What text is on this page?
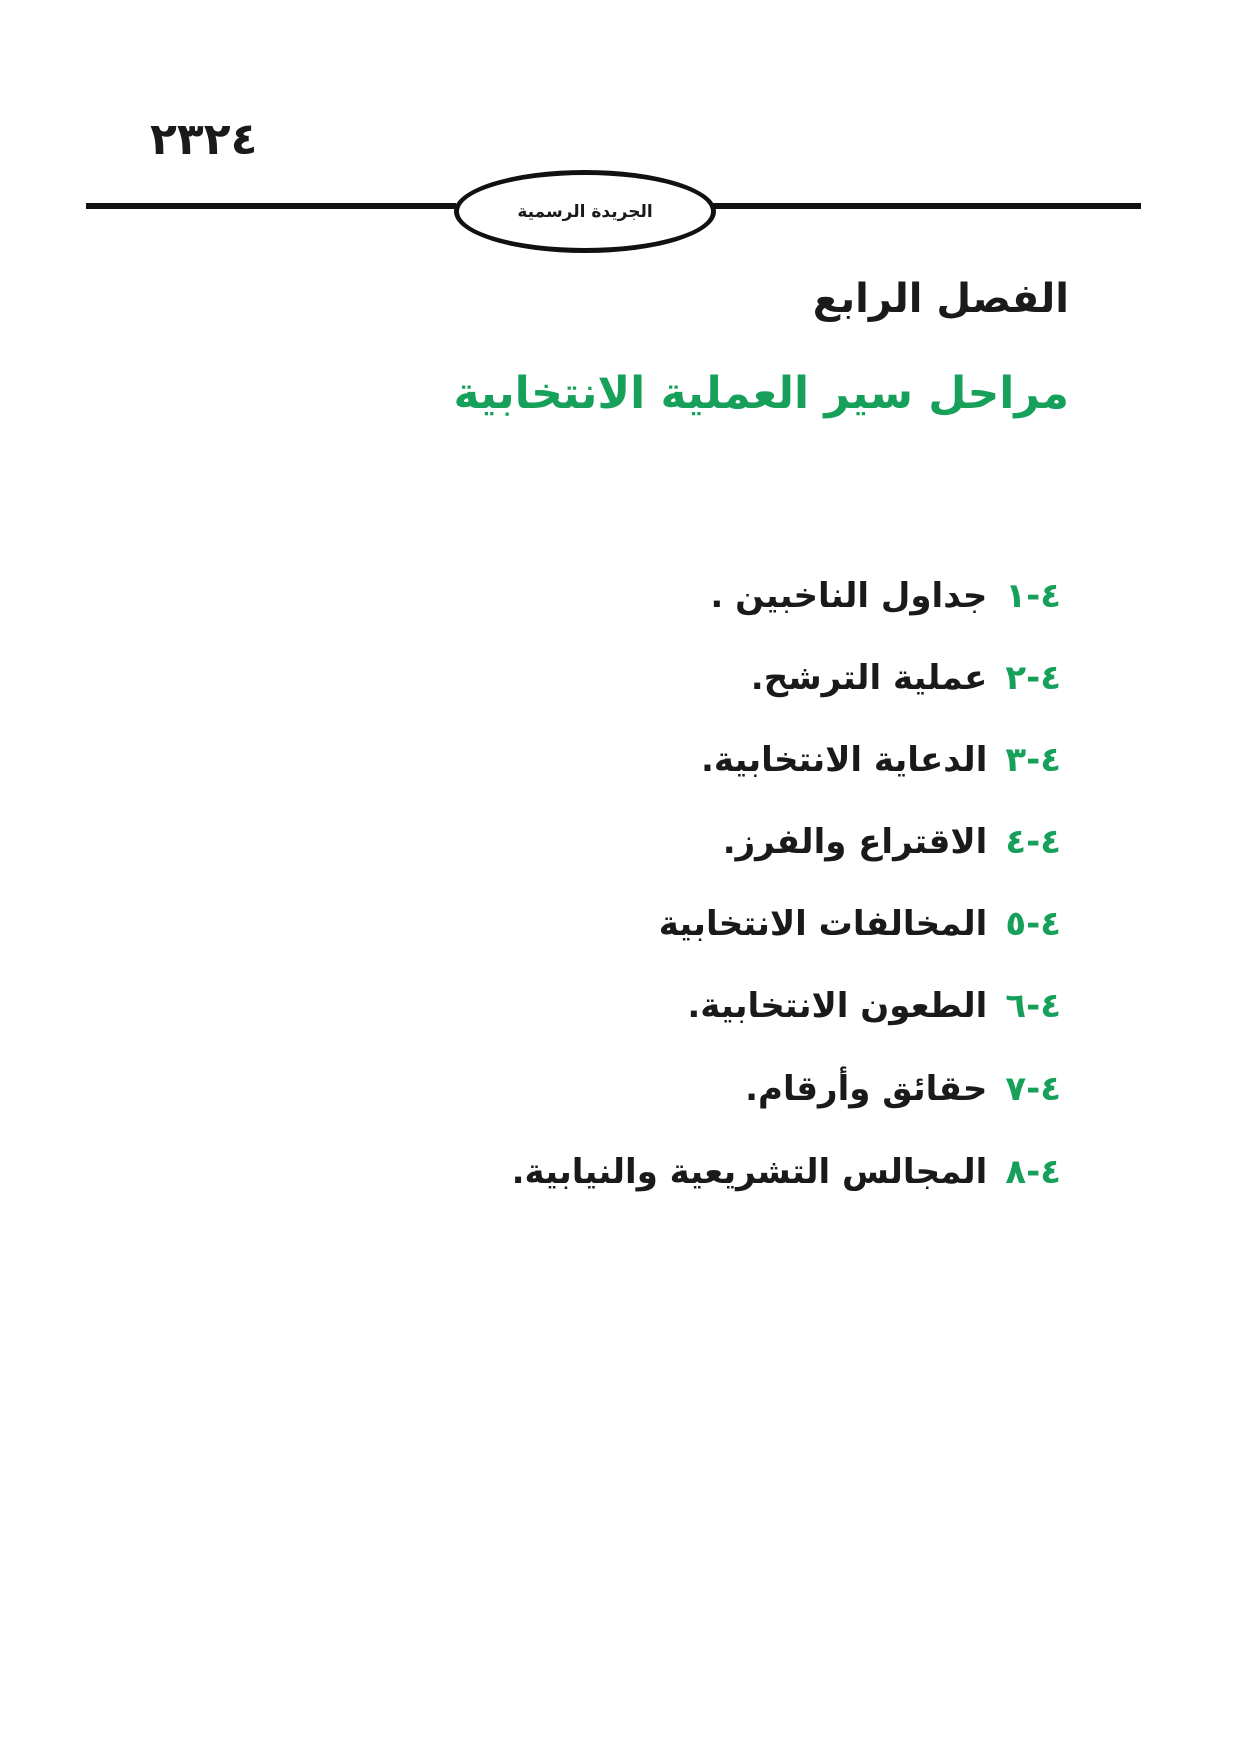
٢٣٢٤
الجريدة الرسمية
الفصل الرابع
مراحل سير العملية الانتخابية
٤-١
جداول الناخبين .
٤-٢
عملية الترشح.
٤-٣
الدعاية الانتخابية.
٤-٤
الاقتراع والفرز.
٤-٥
المخالفات الانتخابية
٤-٦
الطعون الانتخابية.
٤-٧
حقائق وأرقام.
٤-٨
المجالس التشريعية والنيابية.
